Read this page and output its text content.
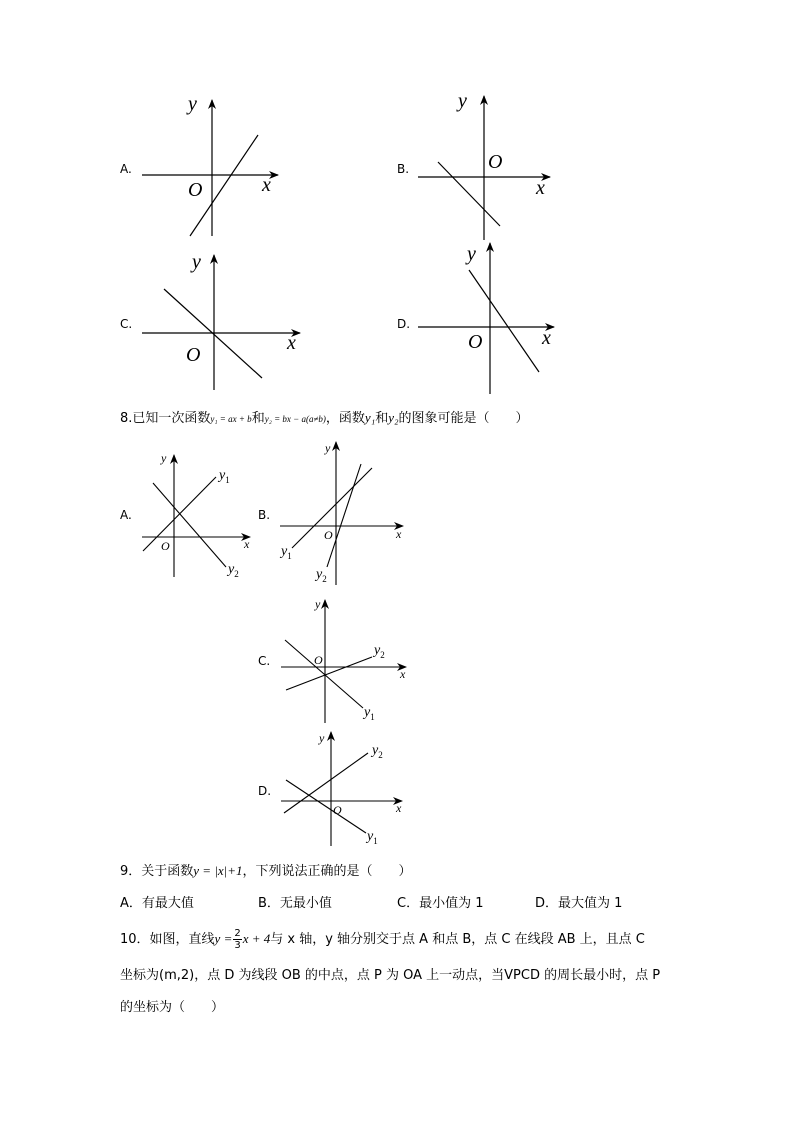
A.	B.
C.	D.
y
x
O
y
x
O
y
x
O
y
x
O
y
x
O
$y_1$
$y_2$
y
x
O
$y_1$
$y_2$
y
x
O
$y_1$
$y_2$
y
x
O
$y_1$
$y_2$
8.已知一次函数y₁ = ax + b和y₂ = bx − a(a≠b)，函数y₁和y₂的图象可能是（　　）
A.	B.
C.
D.
9．关于函数y = |x|+1，下列说法正确的是（　　）
A．有最大值	B．无最小值	C．最小值为 1	D．最大值为 1
10．如图，直线$y = \frac{2}{3}$ x + 4与 x 轴，y 轴分别交于点 A 和点 B，点 C 在线段 AB 上，且点 C
坐标为(m,2)，点 D 为线段 OB 的中点，点 P 为 OA 上一动点，当VPCD 的周长最小时，点 P
的坐标为（　　）
